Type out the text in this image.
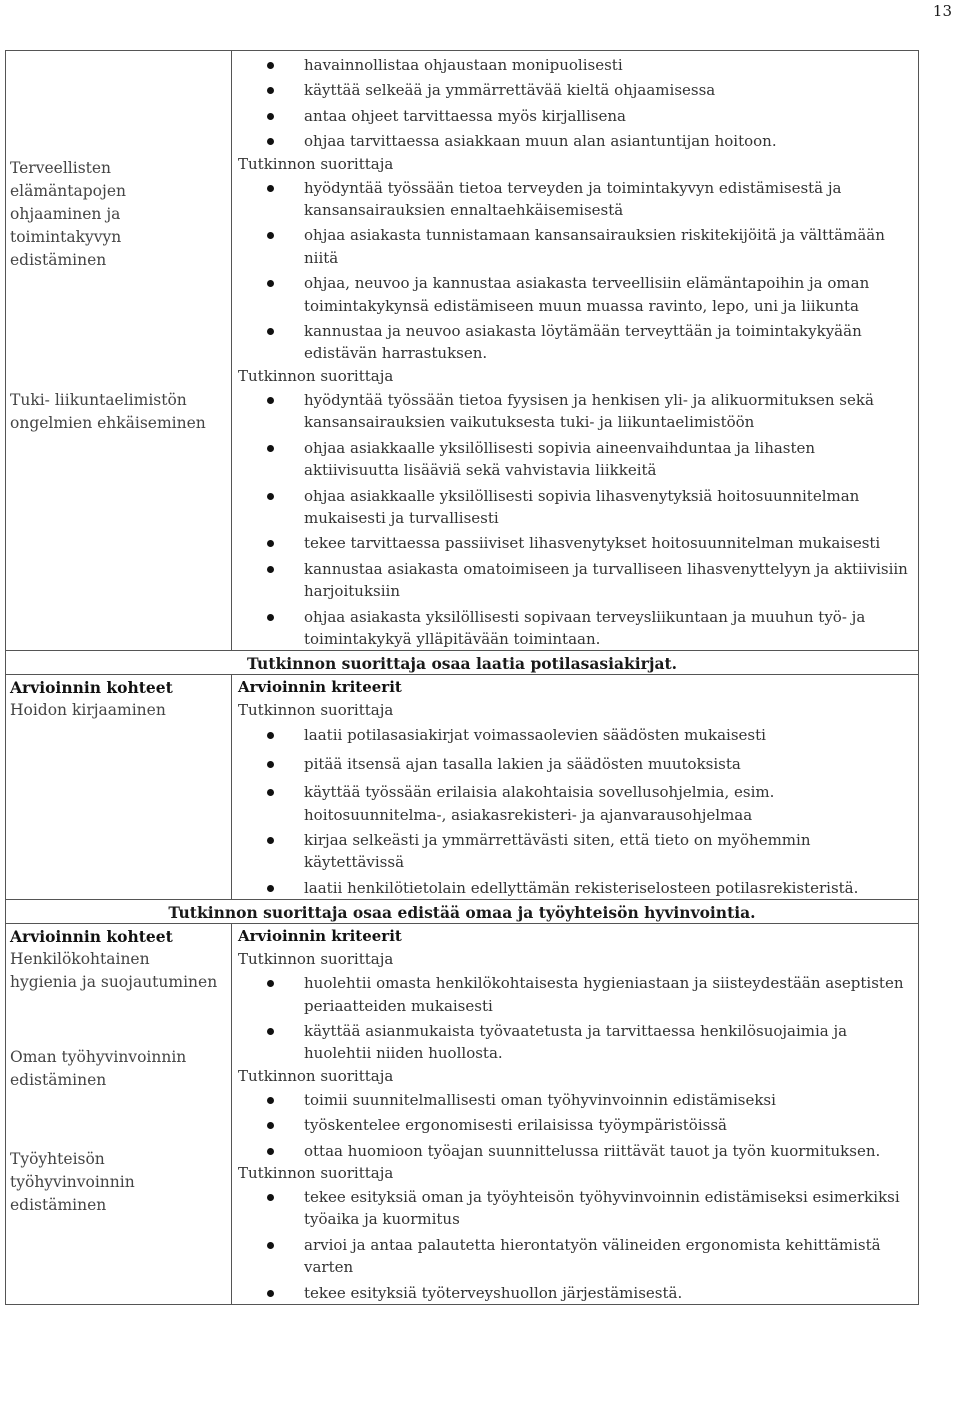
13
Terveellisten
elämäntapojen
ohjaaminen ja
toimintakyvyn
edistäminen
Tuki- liikuntaelimistön
ongelmien ehkäiseminen
havainnollistaa ohjaustaan monipuolisesti
käyttää selkeää ja ymmärrettävää kieltä ohjaamisessa
antaa ohjeet tarvittaessa myös kirjallisena
ohjaa tarvittaessa asiakkaan muun alan asiantuntijan hoitoon.
Tutkinnon suorittaja
hyödyntää työssään tietoa terveyden ja toimintakyvyn edistämisestä ja kansansairauksien ennaltaehkäisemisestä
ohjaa asiakasta tunnistamaan kansansairauksien riskitekijöitä ja välttämään niitä
ohjaa, neuvoo ja kannustaa asiakasta terveellisiin elämäntapoihin ja oman toimintakykynsä edistämiseen muun muassa ravinto, lepo, uni ja liikunta
kannustaa ja neuvoo asiakasta löytämään terveyttään ja toimintakykyään edistävän harrastuksen.
Tutkinnon suorittaja
hyödyntää työssään tietoa fyysisen ja henkisen yli- ja alikuormituksen sekä kansansairauksien vaikutuksesta tuki- ja liikuntaelimistöön
ohjaa asiakkaalle yksilöllisesti sopivia aineenvaihduntaa ja lihasten aktiivisuutta lisääviä sekä vahvistavia liikkeitä
ohjaa asiakkaalle yksilöllisesti sopivia lihasvenytyksiä hoitosuunnitelman mukaisesti ja turvallisesti
tekee tarvittaessa passiiviset lihasvenytykset hoitosuunnitelman mukaisesti
kannustaa asiakasta omatoimiseen ja turvalliseen lihasvenyttelyyn ja aktiivisiin harjoituksiin
ohjaa asiakasta yksilöllisesti sopivaan terveysliikuntaan ja muuhun työ- ja toimintakykyä ylläpitävään toimintaan.
Tutkinnon suorittaja osaa laatia potilasasiakirjat.
Arvioinnin kohteet
Hoidon kirjaaminen
Arvioinnin kriteerit
Tutkinnon suorittaja
laatii potilasasiakirjat voimassaolevien säädösten mukaisesti
pitää itsensä ajan tasalla lakien ja säädösten muutoksista
käyttää työssään erilaisia alakohtaisia sovellusohjelmia, esim. hoitosuunnitelma-, asiakasrekisteri- ja ajanvarausohjelmaa
kirjaa selkeästi ja ymmärrettävästi siten, että tieto on myöhemmin käytettävissä
laatii henkilötietolain edellyttämän rekisteriselosteen potilasrekisteristä.
Tutkinnon suorittaja osaa edistää omaa ja työyhteisön hyvinvointia.
Arvioinnin kohteet
Henkilökohtainen
hygienia ja suojautuminen
Oman työhyvinvoinnin
edistäminen
Työyhteisön
työhyvinvoinnin
edistäminen
Arvioinnin kriteerit
Tutkinnon suorittaja
huolehtii omasta henkilökohtaisesta hygieniastaan ja siisteydestään aseptisten periaatteiden mukaisesti
käyttää asianmukaista työvaatetusta ja tarvittaessa henkilösuojaimia ja huolehtii niiden huollosta.
Tutkinnon suorittaja
toimii suunnitelmallisesti oman työhyvinvoinnin edistämiseksi
työskentelee ergonomisesti erilaisissa työympäristöissä
ottaa huomioon työajan suunnittelussa riittävät tauot ja työn kuormituksen.
Tutkinnon suorittaja
tekee esityksiä oman ja työyhteisön työhyvinvoinnin edistämiseksi esimerkiksi työaika ja kuormitus
arvioi ja antaa palautetta hierontatyön välineiden ergonomista kehittämistä varten
tekee esityksiä työterveyshuollon järjestämisestä.
